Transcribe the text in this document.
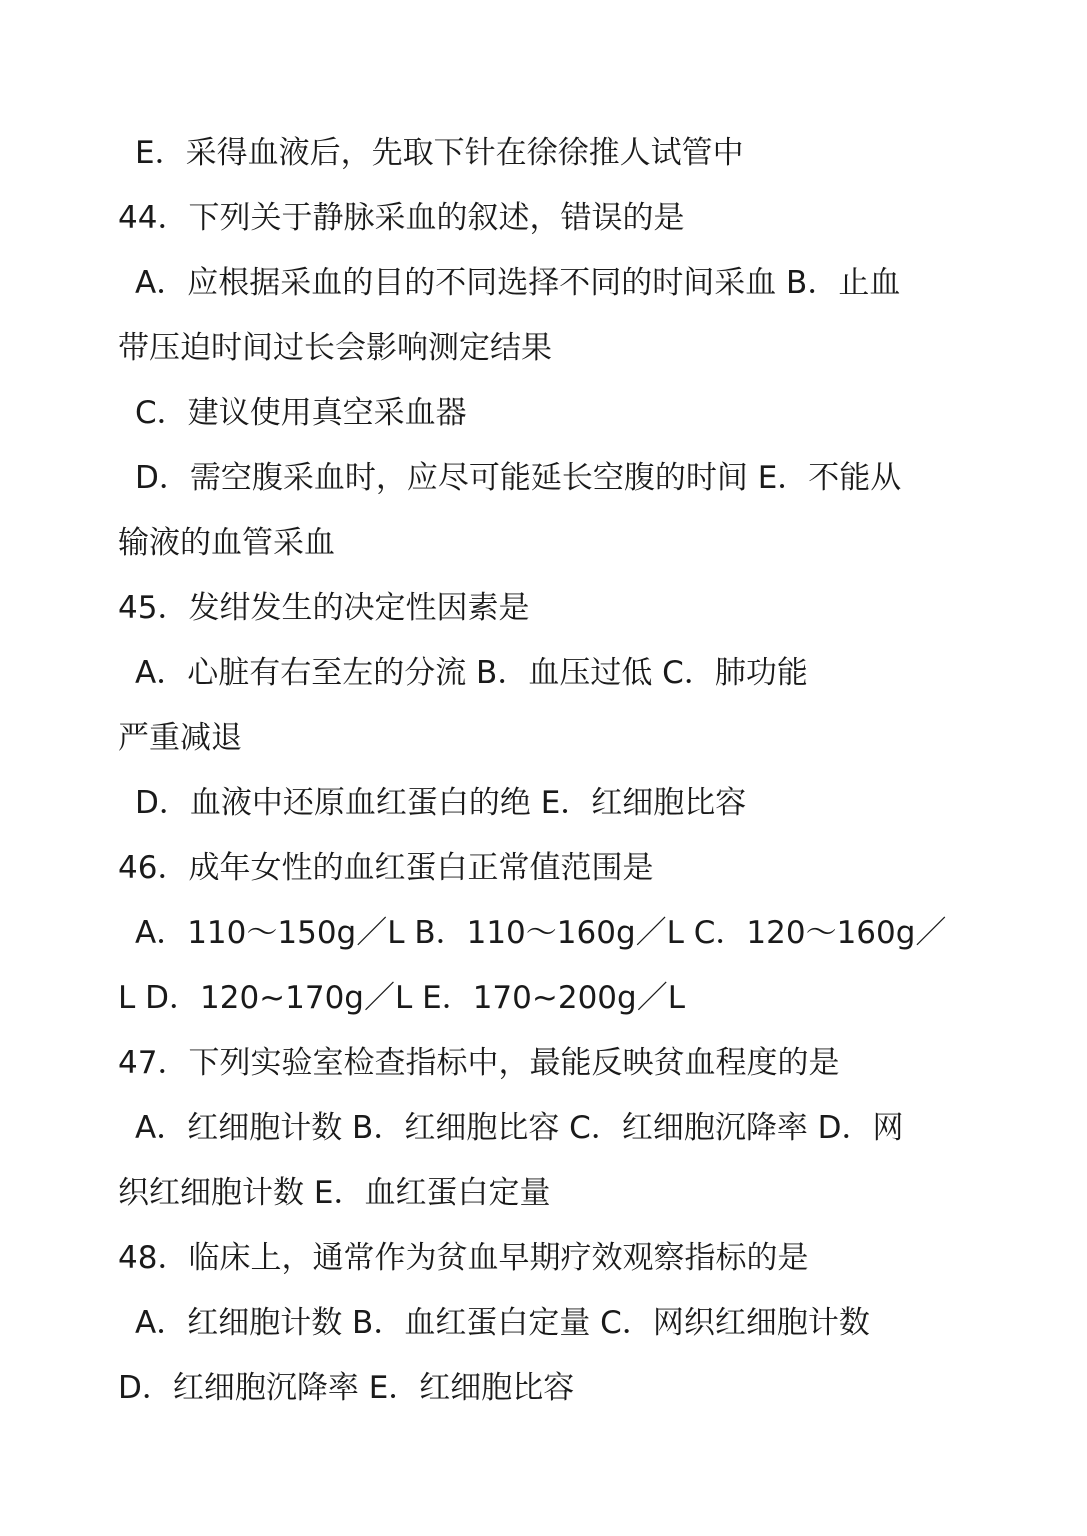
E．采得血液后，先取下针在徐徐推人试管中
44．下列关于静脉采血的叙述，错误的是
A．应根据采血的目的不同选择不同的时间采血 B．止血
带压迫时间过长会影响测定结果
C．建议使用真空采血器
D．需空腹采血时，应尽可能延长空腹的时间 E．不能从
输液的血管采血
45．发绀发生的决定性因素是
A．心脏有右至左的分流 B．血压过低 C．肺功能
严重减退
D．血液中还原血红蛋白的绝 E．红细胞比容
46．成年女性的血红蛋白正常值范围是
A．110～150g／L B．110～160g／L C．120～160g／
L D．120~170g／L E．170~200g／L
47．下列实验室检查指标中，最能反映贫血程度的是
A．红细胞计数 B．红细胞比容 C．红细胞沉降率 D．网
织红细胞计数 E．血红蛋白定量
48．临床上，通常作为贫血早期疗效观察指标的是
A．红细胞计数 B．血红蛋白定量 C．网织红细胞计数
D．红细胞沉降率 E．红细胞比容
